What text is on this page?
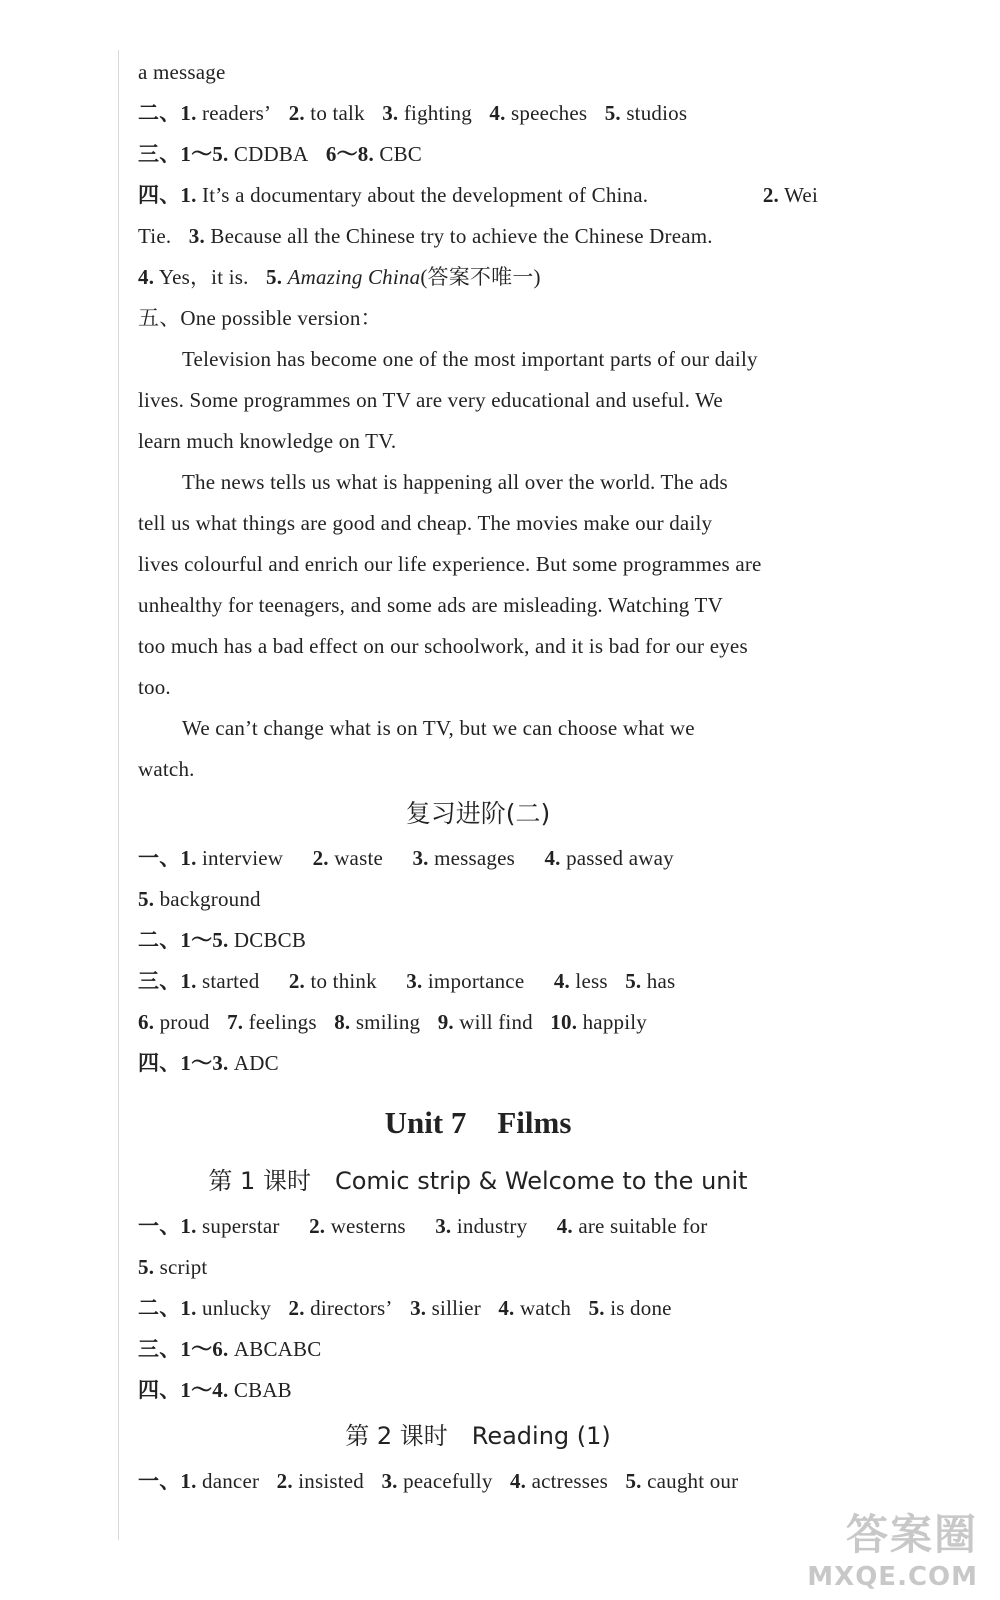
a message
二、1. readers’ 2. to talk 3. fighting 4. speeches 5. studios
三、1～5. CDDBA 6～8. CBC
四、1. It’s a documentary about the development of China.	2. Wei
Tie. 3. Because all the Chinese try to achieve the Chinese Dream.
4. Yes，it is. 5. Amazing China(答案不唯一)
五、One possible version：
Television has become one of the most important parts of our daily
lives. Some programmes on TV are very educational and useful. We
learn much knowledge on TV.
The news tells us what is happening all over the world. The ads
tell us what things are good and cheap. The movies make our daily
lives colourful and enrich our life experience. But some programmes are
unhealthy for teenagers, and some ads are misleading. Watching TV
too much has a bad effect on our schoolwork, and it is bad for our eyes
too.
We can’t change what is on TV, but we can choose what we
watch.
复习进阶(二)
一、1. interview 2. waste 3. messages 4. passed away
5. background
二、1～5. DCBCB
三、1. started 2. to think 3. importance 4. less 5. has
6. proud 7. feelings 8. smiling 9. will find 10. happily
四、1～3. ADC
Unit 7　Films
第 1 课时　Comic strip & Welcome to the unit
一、1. superstar 2. westerns 3. industry 4. are suitable for
5. script
二、1. unlucky 2. directors’ 3. sillier 4. watch 5. is done
三、1～6. ABCABC
四、1～4. CBAB
第 2 课时　Reading (1)
一、1. dancer 2. insisted 3. peacefully 4. actresses 5. caught our
答案圈
MXQE.COM
